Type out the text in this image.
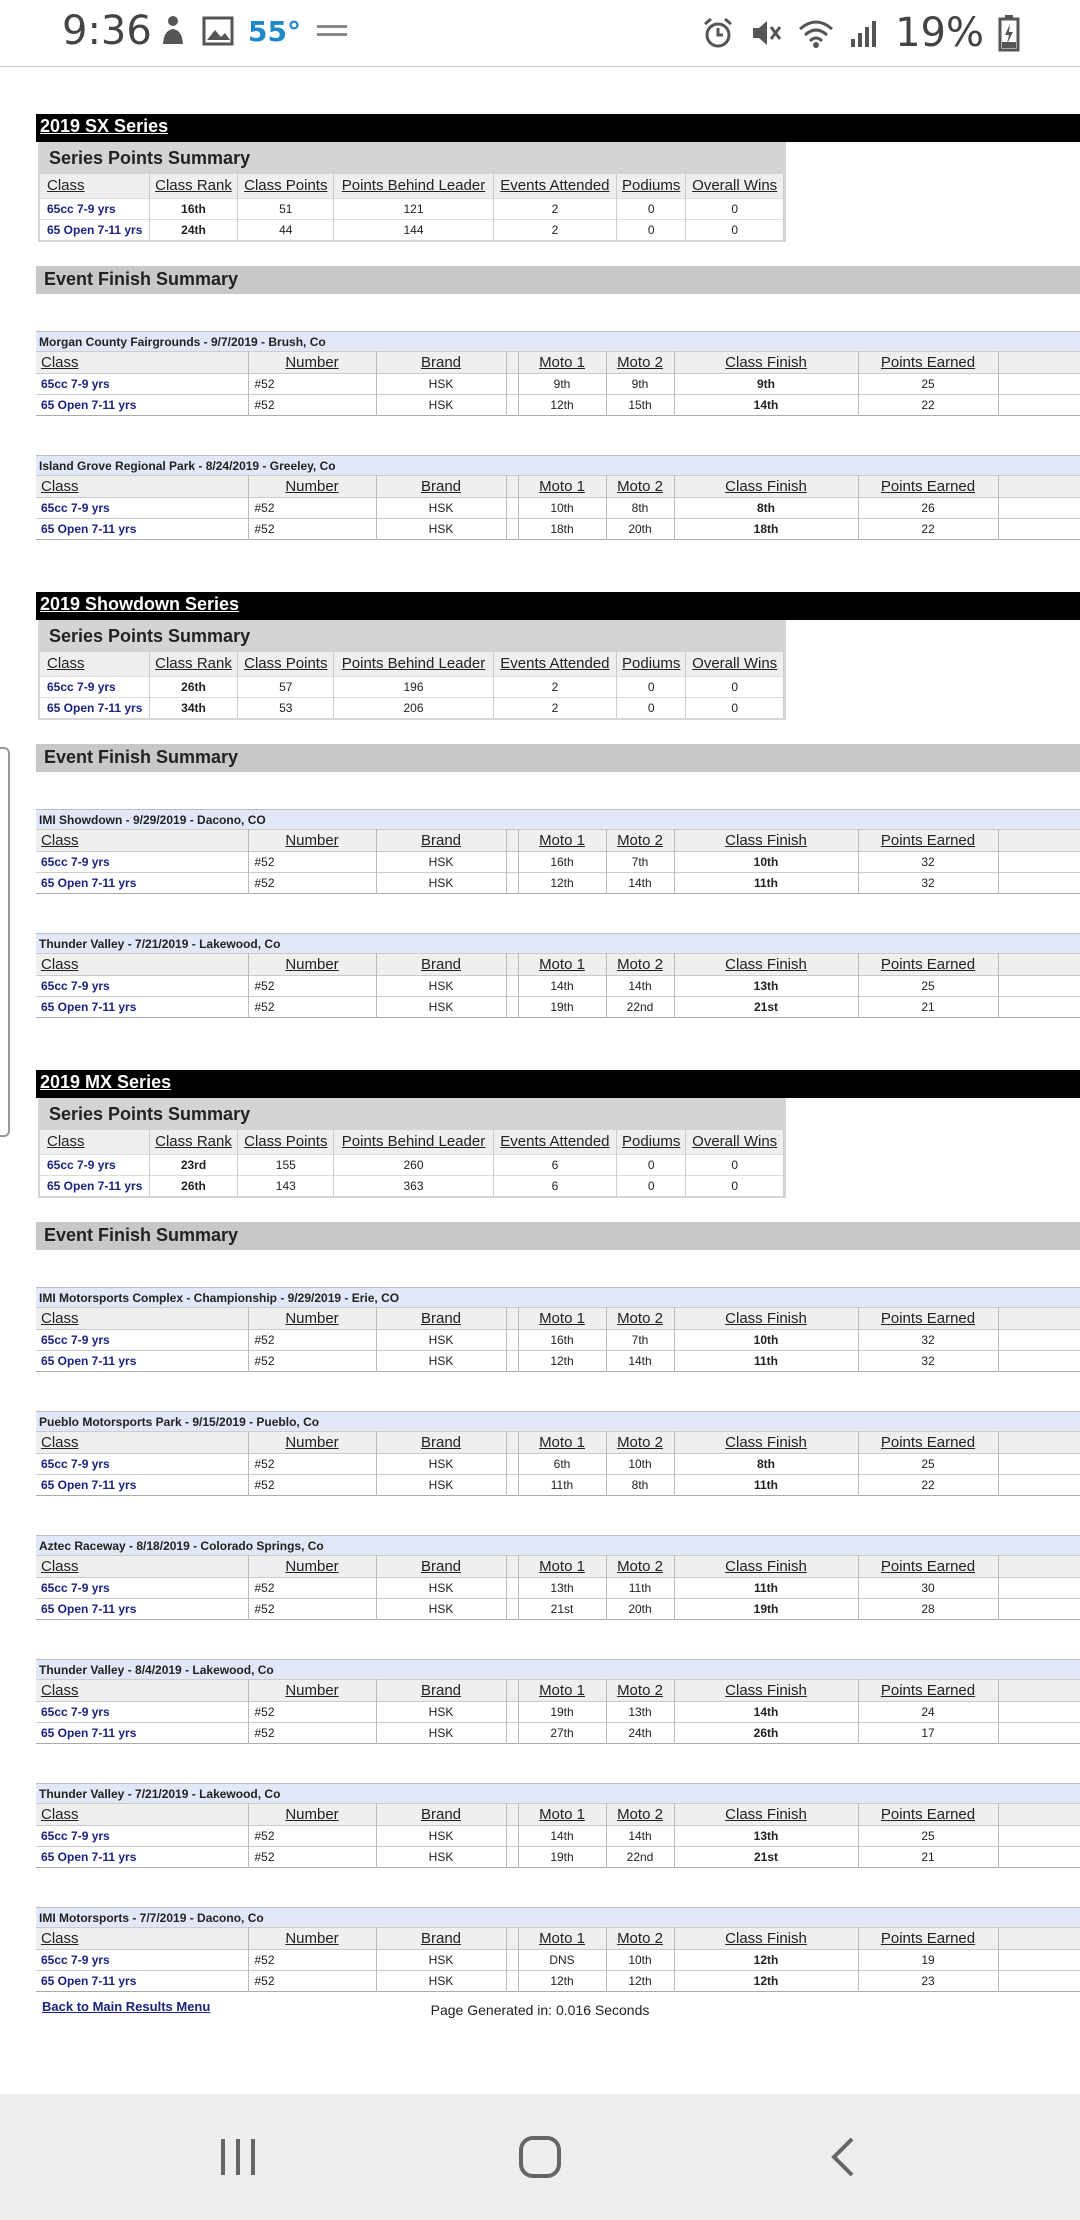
9:36	55°	19%
2019 SX Series
Series Points Summary
Class	Class Rank	Class Points	Points Behind Leader	Events Attended	Podiums	Overall Wins
65cc 7-9 yrs	16th	51	121	2	0	0
65 Open 7-11 yrs	24th	44	144	2	0	0
Event Finish Summary
Morgan County Fairgrounds - 9/7/2019 - Brush, Co
Class	Number	Brand		Moto 1	Moto 2	Class Finish	Points Earned	
65cc 7-9 yrs	#52	HSK		9th	9th	9th	25	
65 Open 7-11 yrs	#52	HSK		12th	15th	14th	22	
Island Grove Regional Park - 8/24/2019 - Greeley, Co
Class	Number	Brand		Moto 1	Moto 2	Class Finish	Points Earned	
65cc 7-9 yrs	#52	HSK		10th	8th	8th	26	
65 Open 7-11 yrs	#52	HSK		18th	20th	18th	22	
2019 Showdown Series
Series Points Summary
Class	Class Rank	Class Points	Points Behind Leader	Events Attended	Podiums	Overall Wins
65cc 7-9 yrs	26th	57	196	2	0	0
65 Open 7-11 yrs	34th	53	206	2	0	0
Event Finish Summary
IMI Showdown - 9/29/2019 - Dacono, CO
Class	Number	Brand		Moto 1	Moto 2	Class Finish	Points Earned	
65cc 7-9 yrs	#52	HSK		16th	7th	10th	32	
65 Open 7-11 yrs	#52	HSK		12th	14th	11th	32	
Thunder Valley - 7/21/2019 - Lakewood, Co
Class	Number	Brand		Moto 1	Moto 2	Class Finish	Points Earned	
65cc 7-9 yrs	#52	HSK		14th	14th	13th	25	
65 Open 7-11 yrs	#52	HSK		19th	22nd	21st	21	
2019 MX Series
Series Points Summary
Class	Class Rank	Class Points	Points Behind Leader	Events Attended	Podiums	Overall Wins
65cc 7-9 yrs	23rd	155	260	6	0	0
65 Open 7-11 yrs	26th	143	363	6	0	0
Event Finish Summary
IMI Motorsports Complex - Championship - 9/29/2019 - Erie, CO
Class	Number	Brand		Moto 1	Moto 2	Class Finish	Points Earned	
65cc 7-9 yrs	#52	HSK		16th	7th	10th	32	
65 Open 7-11 yrs	#52	HSK		12th	14th	11th	32	
Pueblo Motorsports Park - 9/15/2019 - Pueblo, Co
Class	Number	Brand		Moto 1	Moto 2	Class Finish	Points Earned	
65cc 7-9 yrs	#52	HSK		6th	10th	8th	25	
65 Open 7-11 yrs	#52	HSK		11th	8th	11th	22	
Aztec Raceway - 8/18/2019 - Colorado Springs, Co
Class	Number	Brand		Moto 1	Moto 2	Class Finish	Points Earned	
65cc 7-9 yrs	#52	HSK		13th	11th	11th	30	
65 Open 7-11 yrs	#52	HSK		21st	20th	19th	28	
Thunder Valley - 8/4/2019 - Lakewood, Co
Class	Number	Brand		Moto 1	Moto 2	Class Finish	Points Earned	
65cc 7-9 yrs	#52	HSK		19th	13th	14th	24	
65 Open 7-11 yrs	#52	HSK		27th	24th	26th	17	
Thunder Valley - 7/21/2019 - Lakewood, Co
Class	Number	Brand		Moto 1	Moto 2	Class Finish	Points Earned	
65cc 7-9 yrs	#52	HSK		14th	14th	13th	25	
65 Open 7-11 yrs	#52	HSK		19th	22nd	21st	21	
IMI Motorsports - 7/7/2019 - Dacono, Co
Class	Number	Brand		Moto 1	Moto 2	Class Finish	Points Earned	
65cc 7-9 yrs	#52	HSK		DNS	10th	12th	19	
65 Open 7-11 yrs	#52	HSK		12th	12th	12th	23	
Back to Main Results Menu	Page Generated in: 0.016 Seconds
